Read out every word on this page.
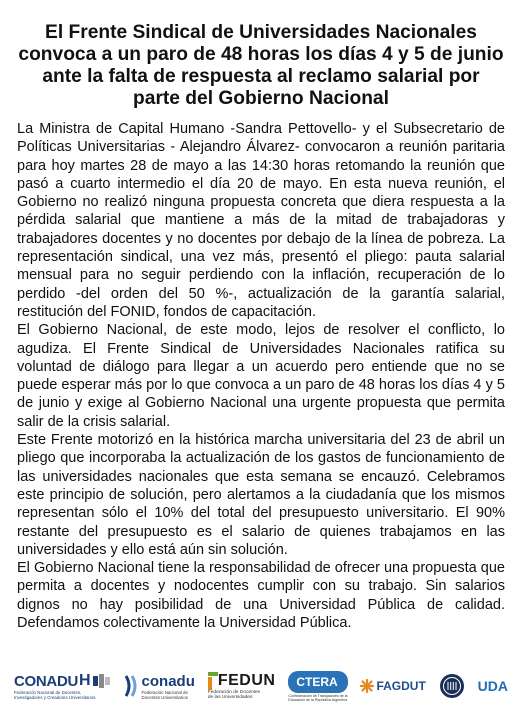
El Frente Sindical de Universidades Nacionales
convoca a un paro de 48 horas los días 4 y 5 de junio
ante la falta de respuesta al reclamo salarial por
parte del Gobierno Nacional

La Ministra de Capital Humano -Sandra Pettovello- y el Subsecretario de Políticas Universitarias - Alejandro Álvarez- convocaron a reunión paritaria para hoy martes 28 de mayo a las 14:30 horas retomando la reunión que pasó a cuarto intermedio el día 20 de mayo. En esta nueva reunión, el Gobierno no realizó ninguna propuesta concreta que diera respuesta a la pérdida salarial que mantiene a más de la mitad de trabajadoras y trabajadores docentes y no docentes por debajo de la línea de pobreza. La representación sindical, una vez más, presentó el pliego: pauta salarial mensual para no seguir perdiendo con la inflación, recuperación de lo perdido -del orden del 50 %-, actualización de la garantía salarial, restitución del FONID, fondos de capacitación.

El Gobierno Nacional, de este modo, lejos de resolver el conflicto, lo agudiza. El Frente Sindical de Universidades Nacionales ratifica su voluntad de diálogo para llegar a un acuerdo pero entiende que no se puede esperar más por lo que convoca a un paro de 48 horas los días 4 y 5 de junio y exige al Gobierno Nacional una urgente propuesta que permita salir de la crisis salarial.

Este Frente motorizó en la histórica marcha universitaria del 23 de abril un pliego que incorporaba la actualización de los gastos de funcionamiento de las universidades nacionales que esta semana se encauzó. Celebramos este principio de solución, pero alertamos a la ciudadanía que los mismos representan sólo el 10% del total del presupuesto universitario. El 90% restante del presupuesto es el salario de quienes trabajamos en las universidades y ello está aún sin solución.

El Gobierno Nacional tiene la responsabilidad de ofrecer una propuesta que permita a docentes y nodocentes cumplir con su trabajo. Sin salarios dignos no hay posibilidad de una Universidad Pública de calidad. Defendamos colectivamente la Universidad Pública.

CONADU H
Federación Nacional de Docentes,
Investigadores y Creadores Universitarios
conadu
Federación Nacional de
Docentes Universitarios
FEDUN
Federación de Docentes
de las Universidades
CTERA
Confederación de Trabajadores de la
Educación de la República Argentina
FAGDUT	UDA
